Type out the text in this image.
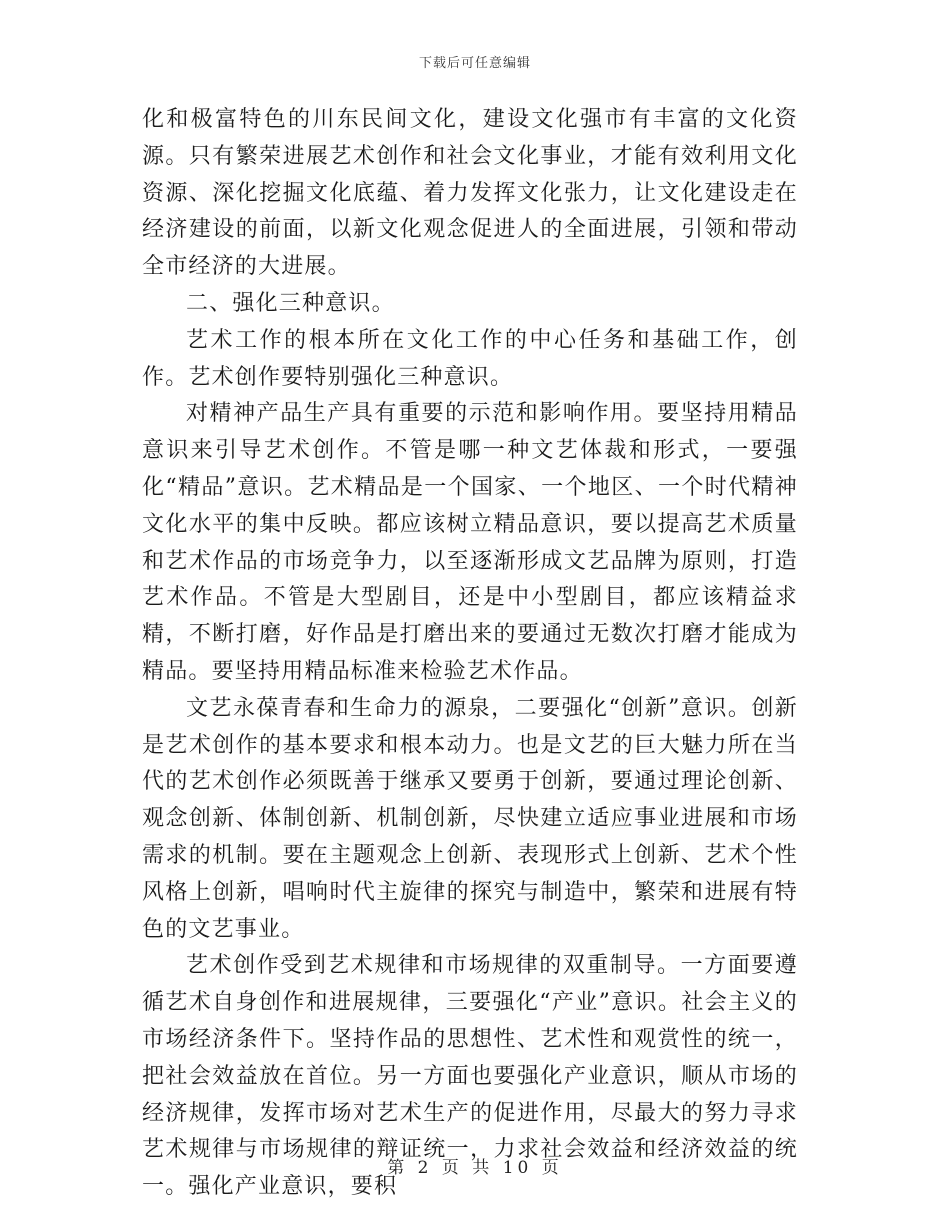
下载后可任意编辑

化和极富特色的川东民间文化，建设文化强市有丰富的文化资源。只有繁荣进展艺术创作和社会文化事业，才能有效利用文化资源、深化挖掘文化底蕴、着力发挥文化张力，让文化建设走在经济建设的前面，以新文化观念促进人的全面进展，引领和带动全市经济的大进展。

二、强化三种意识。

艺术工作的根本所在文化工作的中心任务和基础工作，创作。艺术创作要特别强化三种意识。

对精神产品生产具有重要的示范和影响作用。要坚持用精品意识来引导艺术创作。不管是哪一种文艺体裁和形式，一要强化“精品”意识。艺术精品是一个国家、一个地区、一个时代精神文化水平的集中反映。都应该树立精品意识，要以提高艺术质量和艺术作品的市场竞争力，以至逐渐形成文艺品牌为原则，打造艺术作品。不管是大型剧目，还是中小型剧目，都应该精益求精，不断打磨，好作品是打磨出来的要通过无数次打磨才能成为精品。要坚持用精品标准来检验艺术作品。

文艺永葆青春和生命力的源泉，二要强化“创新”意识。创新是艺术创作的基本要求和根本动力。也是文艺的巨大魅力所在当代的艺术创作必须既善于继承又要勇于创新，要通过理论创新、观念创新、体制创新、机制创新，尽快建立适应事业进展和市场需求的机制。要在主题观念上创新、表现形式上创新、艺术个性风格上创新，唱响时代主旋律的探究与制造中，繁荣和进展有特色的文艺事业。

艺术创作受到艺术规律和市场规律的双重制导。一方面要遵循艺术自身创作和进展规律，三要强化“产业”意识。社会主义的市场经济条件下。坚持作品的思想性、艺术性和观赏性的统一，把社会效益放在首位。另一方面也要强化产业意识，顺从市场的经济规律，发挥市场对艺术生产的促进作用，尽最大的努力寻求艺术规律与市场规律的辩证统一，力求社会效益和经济效益的统一。强化产业意识，要积

第 2 页 共 10 页
